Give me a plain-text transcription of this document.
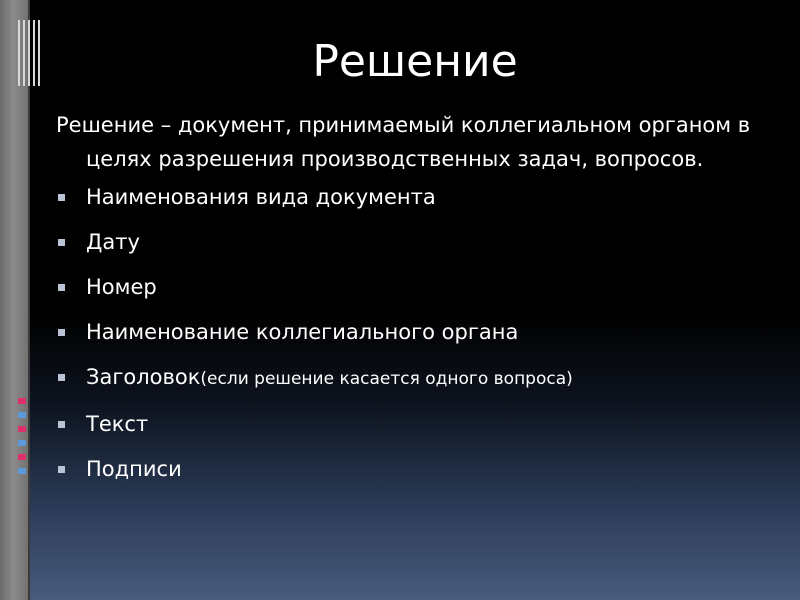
Решение

Решение – документ, принимаемый коллегиальном органом в целях разрешения производственных задач, вопросов.

Наименования вида документа
Дату
Номер
Наименование коллегиального органа
Заголовок(если решение касается одного вопроса)
Текст
Подписи
